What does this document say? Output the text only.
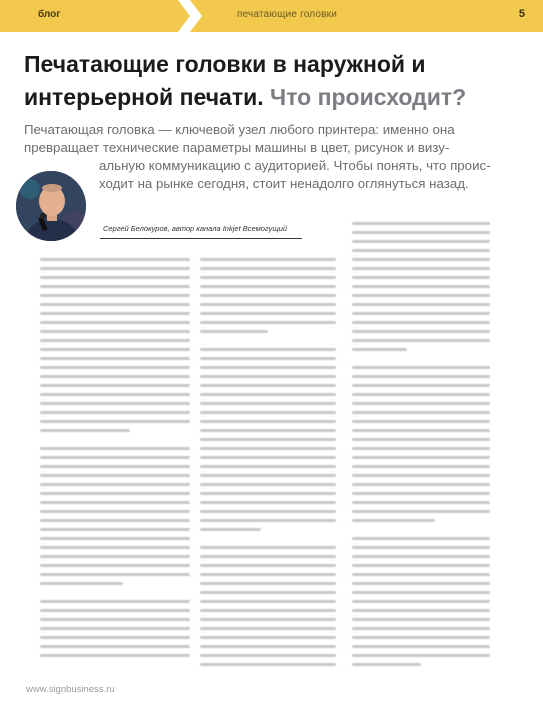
блог	печатающие головки	5
Печатающие головки в наружной и интерьерной печати. Что происходит?
Печатающая головка — ключевой узел любого принтера: именно она
превращает технические параметры машины в цвет, рисунок и визу-
альную коммуникацию с аудиторией. Чтобы понять, что проис-
ходит на рынке сегодня, стоит ненадолго оглянуться назад.
Сергей Белокуров, автор канала Inkjet Всемогущий
www.signbusiness.ru
